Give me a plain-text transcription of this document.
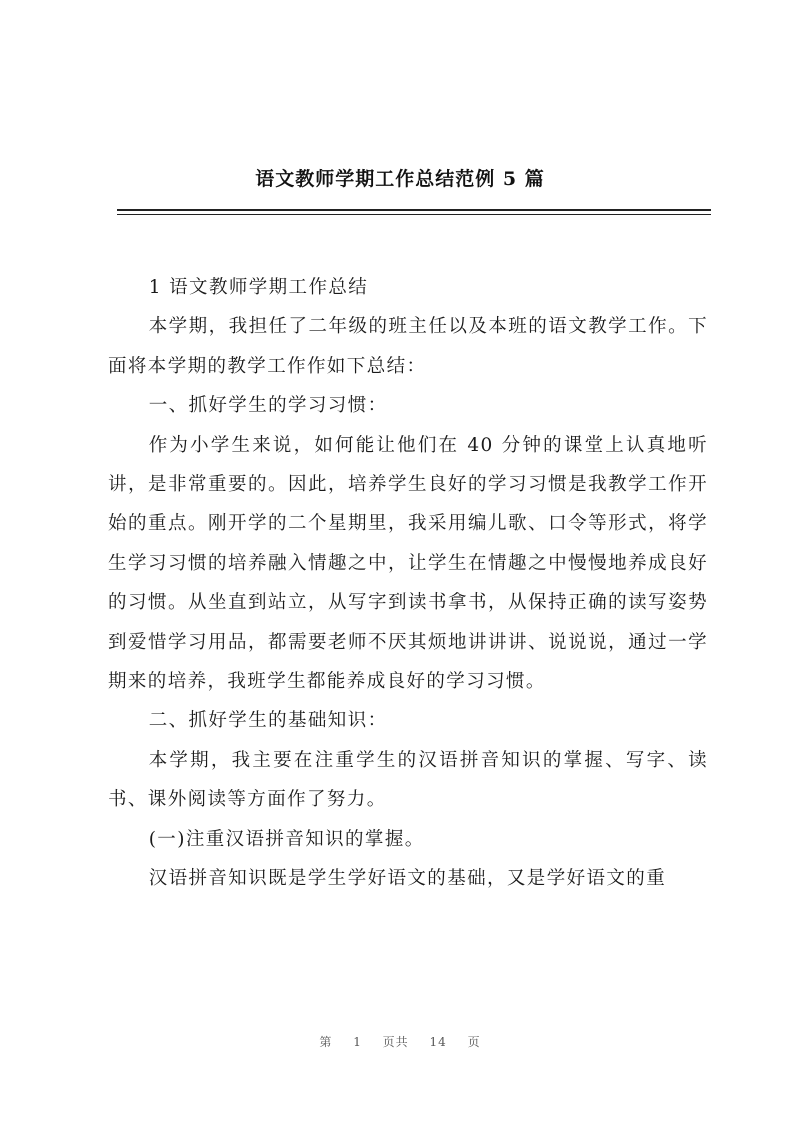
语文教师学期工作总结范例 5 篇

1 语文教师学期工作总结

本学期，我担任了二年级的班主任以及本班的语文教学工作。下面将本学期的教学工作作如下总结：

一、抓好学生的学习习惯：

作为小学生来说，如何能让他们在 40 分钟的课堂上认真地听讲，是非常重要的。因此，培养学生良好的学习习惯是我教学工作开始的重点。刚开学的二个星期里，我采用编儿歌、口令等形式，将学生学习习惯的培养融入情趣之中，让学生在情趣之中慢慢地养成良好的习惯。从坐直到站立，从写字到读书拿书，从保持正确的读写姿势到爱惜学习用品，都需要老师不厌其烦地讲讲讲、说说说，通过一学期来的培养，我班学生都能养成良好的学习习惯。

二、抓好学生的基础知识：

本学期，我主要在注重学生的汉语拼音知识的掌握、写字、读书、课外阅读等方面作了努力。

(一)注重汉语拼音知识的掌握。

汉语拼音知识既是学生学好语文的基础，又是学好语文的重

第 1 页共 14 页
